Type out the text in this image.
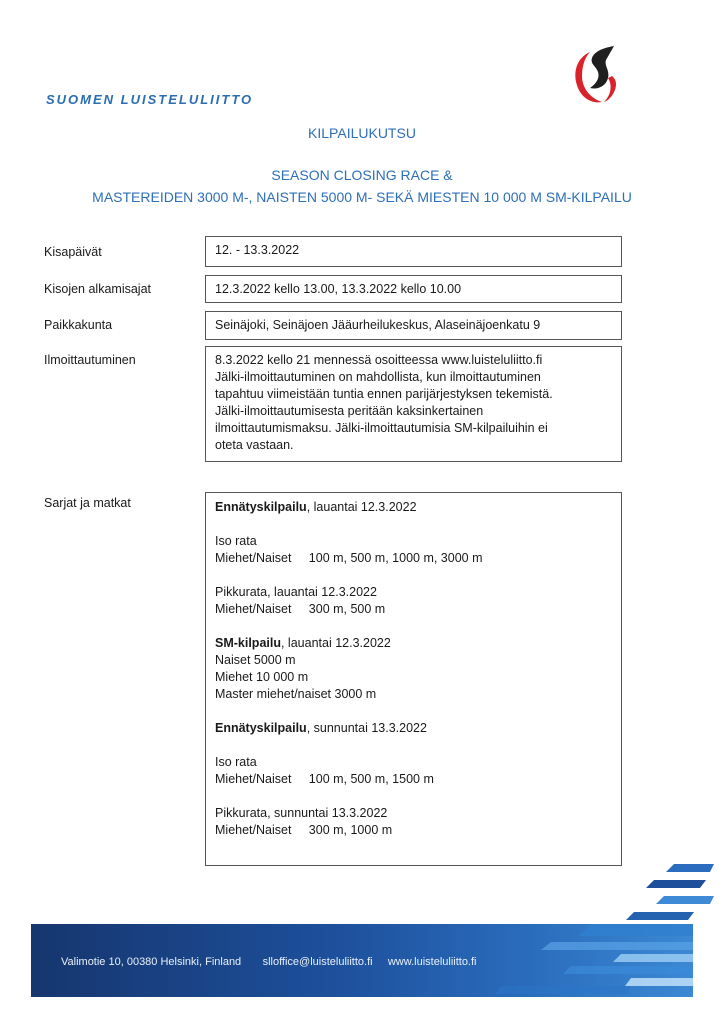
SUOMEN LUISTELULIITTO
KILPAILUKUTSU
SEASON CLOSING RACE &
MASTEREIDEN 3000 M-, NAISTEN 5000 M- SEKÄ MIESTEN 10 000 M SM-KILPAILU
Kisapäivät	12. - 13.3.2022

Kisojen alkamisajat	12.3.2022 kello 13.00, 13.3.2022 kello 10.00

Paikkakunta	Seinäjoki, Seinäjoen Jääurheilukeskus, Alaseinäjoenkatu 9

Ilmoittautuminen	8.3.2022 kello 21 mennessä osoitteessa www.luisteluliitto.fi

Jälki-ilmoittautuminen on mahdollista, kun ilmoittautuminen

tapahtuu viimeistään tuntia ennen parijärjestyksen tekemistä.

Jälki-ilmoittautumisesta peritään kaksinkertainen

ilmoittautumismaksu. Jälki-ilmoittautumisia SM-kilpailuihin ei

oteta vastaan.

Sarjat ja matkat	Ennätyskilpailu, lauantai 12.3.2022

Iso rata

Miehet/Naiset     100 m, 500 m, 1000 m, 3000 m

Pikkurata, lauantai 12.3.2022

Miehet/Naiset     300 m, 500 m

SM-kilpailu, lauantai 12.3.2022

Naiset 5000 m

Miehet 10 000 m

Master miehet/naiset 3000 m

Ennätyskilpailu, sunnuntai 13.3.2022

Iso rata

Miehet/Naiset     100 m, 500 m, 1500 m

Pikkurata, sunnuntai 13.3.2022

Miehet/Naiset     300 m, 1000 m

Valimotie 10, 00380 Helsinki, Finland       slloffice@luisteluliitto.fi     www.luisteluliitto.fi
